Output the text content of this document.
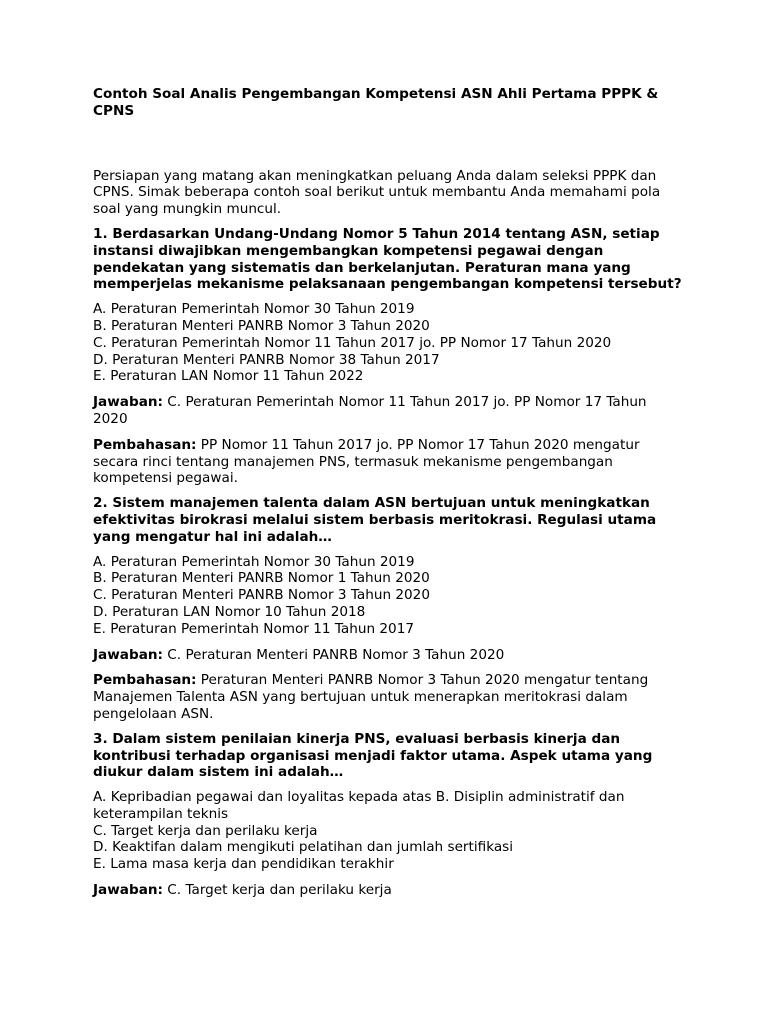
Contoh Soal Analis Pengembangan Kompetensi ASN Ahli Pertama PPPK & CPNS

Persiapan yang matang akan meningkatkan peluang Anda dalam seleksi PPPK dan CPNS. Simak beberapa contoh soal berikut untuk membantu Anda memahami pola soal yang mungkin muncul.

1. Berdasarkan Undang-Undang Nomor 5 Tahun 2014 tentang ASN, setiap instansi diwajibkan mengembangkan kompetensi pegawai dengan pendekatan yang sistematis dan berkelanjutan. Peraturan mana yang memperjelas mekanisme pelaksanaan pengembangan kompetensi tersebut?

A. Peraturan Pemerintah Nomor 30 Tahun 2019
B. Peraturan Menteri PANRB Nomor 3 Tahun 2020
C. Peraturan Pemerintah Nomor 11 Tahun 2017 jo. PP Nomor 17 Tahun 2020
D. Peraturan Menteri PANRB Nomor 38 Tahun 2017
E. Peraturan LAN Nomor 11 Tahun 2022

Jawaban: C. Peraturan Pemerintah Nomor 11 Tahun 2017 jo. PP Nomor 17 Tahun 2020

Pembahasan: PP Nomor 11 Tahun 2017 jo. PP Nomor 17 Tahun 2020 mengatur secara rinci tentang manajemen PNS, termasuk mekanisme pengembangan kompetensi pegawai.

2. Sistem manajemen talenta dalam ASN bertujuan untuk meningkatkan efektivitas birokrasi melalui sistem berbasis meritokrasi. Regulasi utama yang mengatur hal ini adalah…

A. Peraturan Pemerintah Nomor 30 Tahun 2019
B. Peraturan Menteri PANRB Nomor 1 Tahun 2020
C. Peraturan Menteri PANRB Nomor 3 Tahun 2020
D. Peraturan LAN Nomor 10 Tahun 2018
E. Peraturan Pemerintah Nomor 11 Tahun 2017

Jawaban: C. Peraturan Menteri PANRB Nomor 3 Tahun 2020

Pembahasan: Peraturan Menteri PANRB Nomor 3 Tahun 2020 mengatur tentang Manajemen Talenta ASN yang bertujuan untuk menerapkan meritokrasi dalam pengelolaan ASN.

3. Dalam sistem penilaian kinerja PNS, evaluasi berbasis kinerja dan kontribusi terhadap organisasi menjadi faktor utama. Aspek utama yang diukur dalam sistem ini adalah…

A. Kepribadian pegawai dan loyalitas kepada atas B. Disiplin administratif dan keterampilan teknis
C. Target kerja dan perilaku kerja
D. Keaktifan dalam mengikuti pelatihan dan jumlah sertifikasi
E. Lama masa kerja dan pendidikan terakhir

Jawaban: C. Target kerja dan perilaku kerja
